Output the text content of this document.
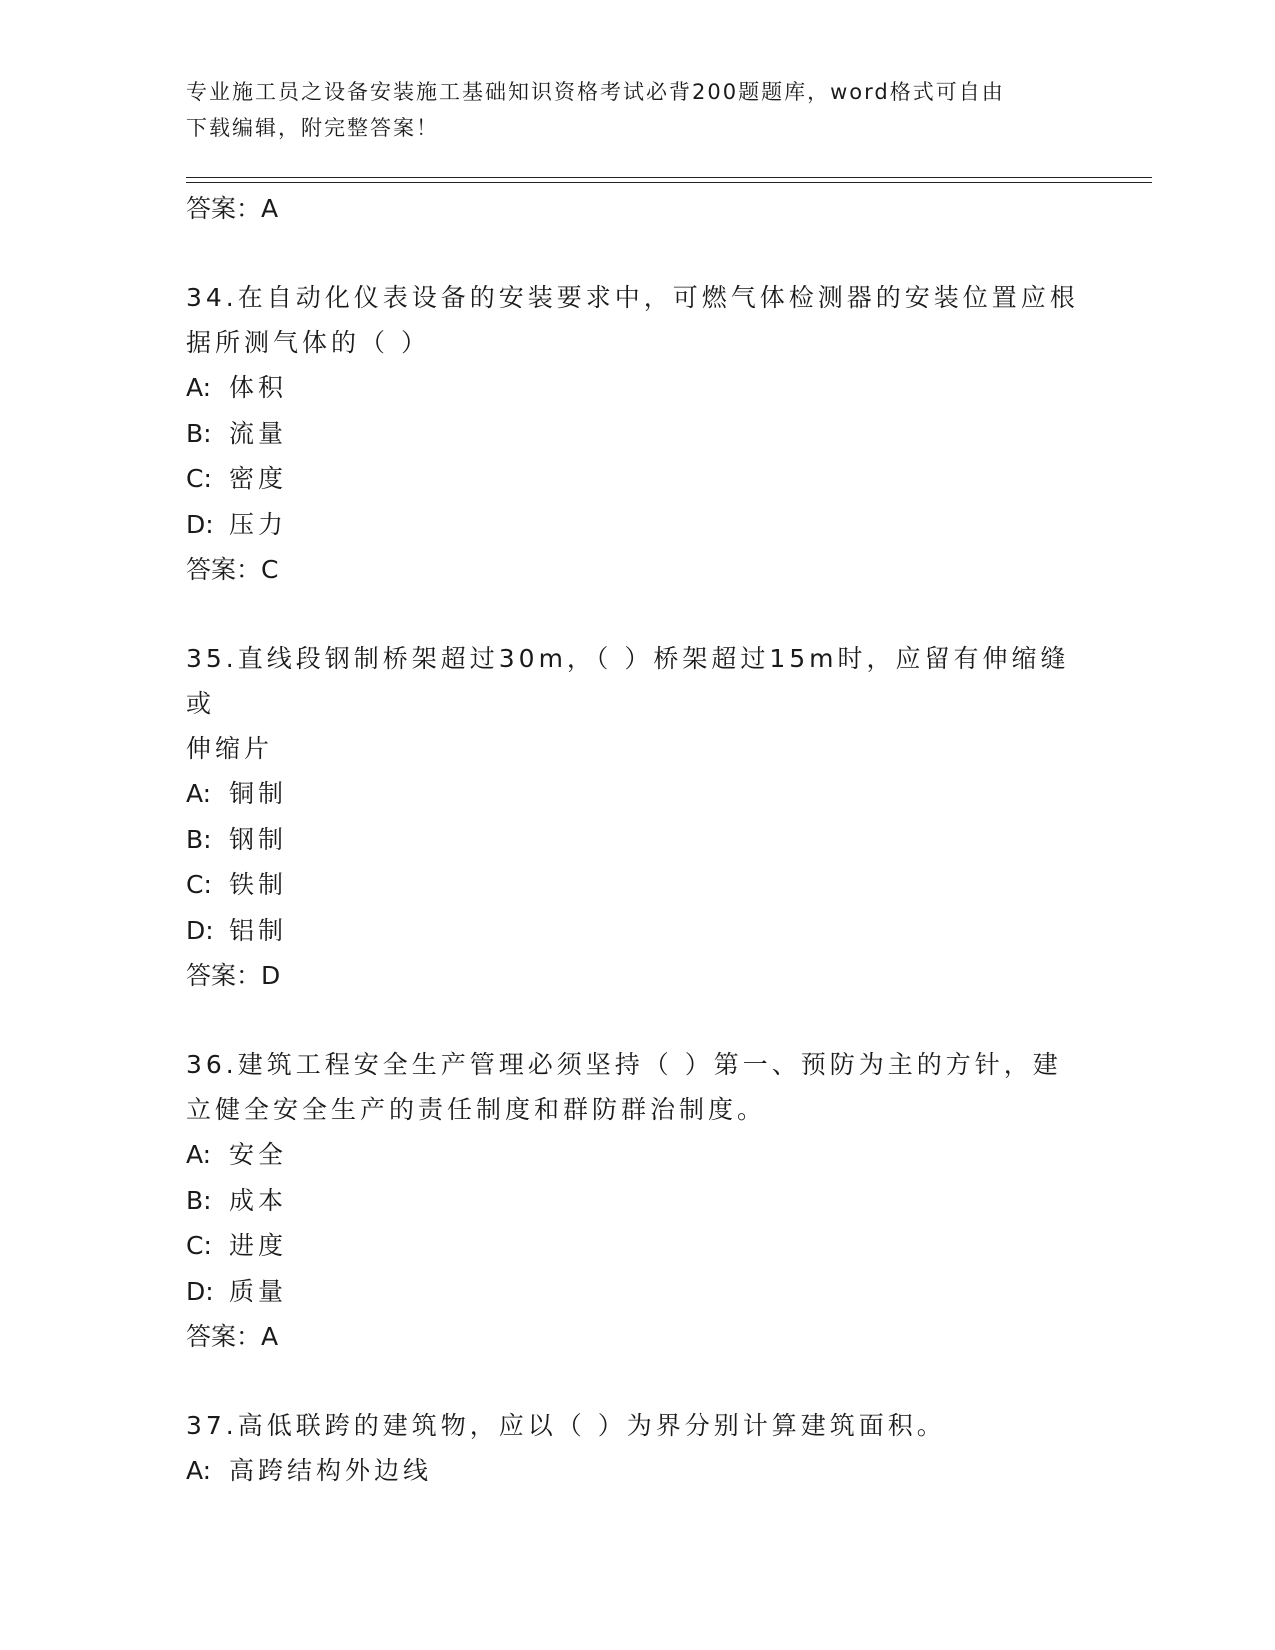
专业施工员之设备安装施工基础知识资格考试必背200题题库，word格式可自由
下载编辑，附完整答案！
答案：A
34.在自动化仪表设备的安装要求中，可燃气体检测器的安装位置应根
据所测气体的（ ）
A: 体积
B: 流量
C: 密度
D: 压力
答案：C
35.直线段钢制桥架超过30m，（ ）桥架超过15m时，应留有伸缩缝或
伸缩片
A: 铜制
B: 钢制
C: 铁制
D: 铝制
答案：D
36.建筑工程安全生产管理必须坚持（ ）第一、预防为主的方针，建
立健全安全生产的责任制度和群防群治制度。
A: 安全
B: 成本
C: 进度
D: 质量
答案：A
37.高低联跨的建筑物，应以（ ）为界分别计算建筑面积。
A: 高跨结构外边线
